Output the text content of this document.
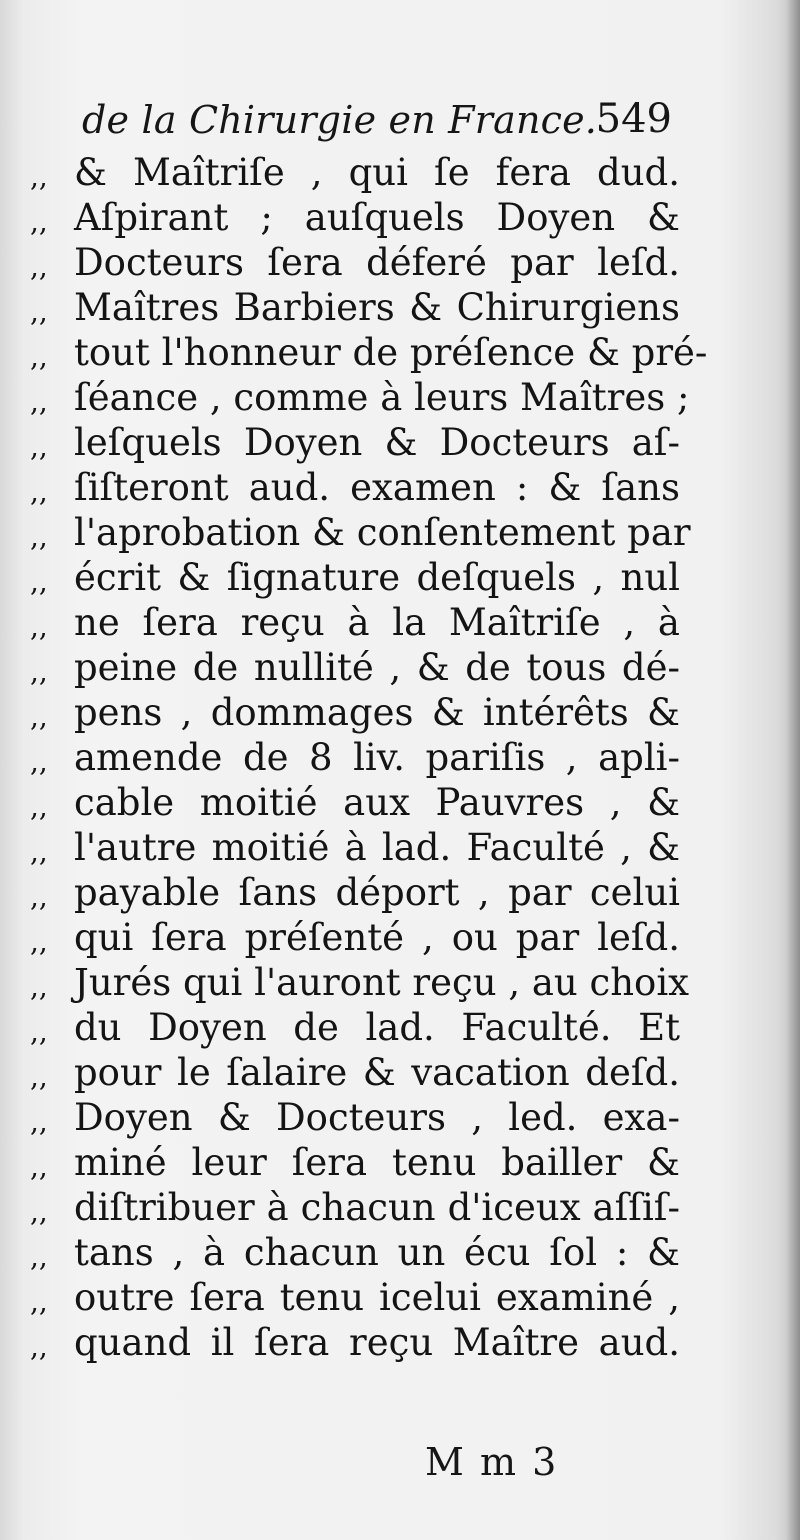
de la Chirurgie en France.
549
,, & Maîtriſe , qui ſe fera dud.
,, Aſpirant ; auſquels Doyen &
,, Docteurs ſera déferé par leſd.
,, Maîtres Barbiers & Chirurgiens
,, tout l'honneur de préſence & pré-
,, ſéance , comme à leurs Maîtres ;
,, leſquels Doyen & Docteurs aſ-
,, ſiſteront aud. examen : & ſans
,, l'aprobation & conſentement par
,, écrit & ſignature deſquels , nul
,, ne ſera reçu à la Maîtriſe , à
,, peine de nullité , & de tous dé-
,, pens , dommages & intérêts &
,, amende de 8 liv. pariſis , apli-
,, cable moitié aux Pauvres , &
,, l'autre moitié à lad. Faculté , &
,, payable ſans déport , par celui
,, qui ſera préſenté , ou par leſd.
,, Jurés qui l'auront reçu , au choix
,, du Doyen de lad. Faculté. Et
,, pour le ſalaire & vacation deſd.
,, Doyen & Docteurs , led. exa-
,, miné leur ſera tenu bailler &
,, diſtribuer à chacun d'iceux aſſiſ-
,, tans , à chacun un écu ſol : &
,, outre ſera tenu icelui examiné ,
,, quand il ſera reçu Maître aud.
M m 3
